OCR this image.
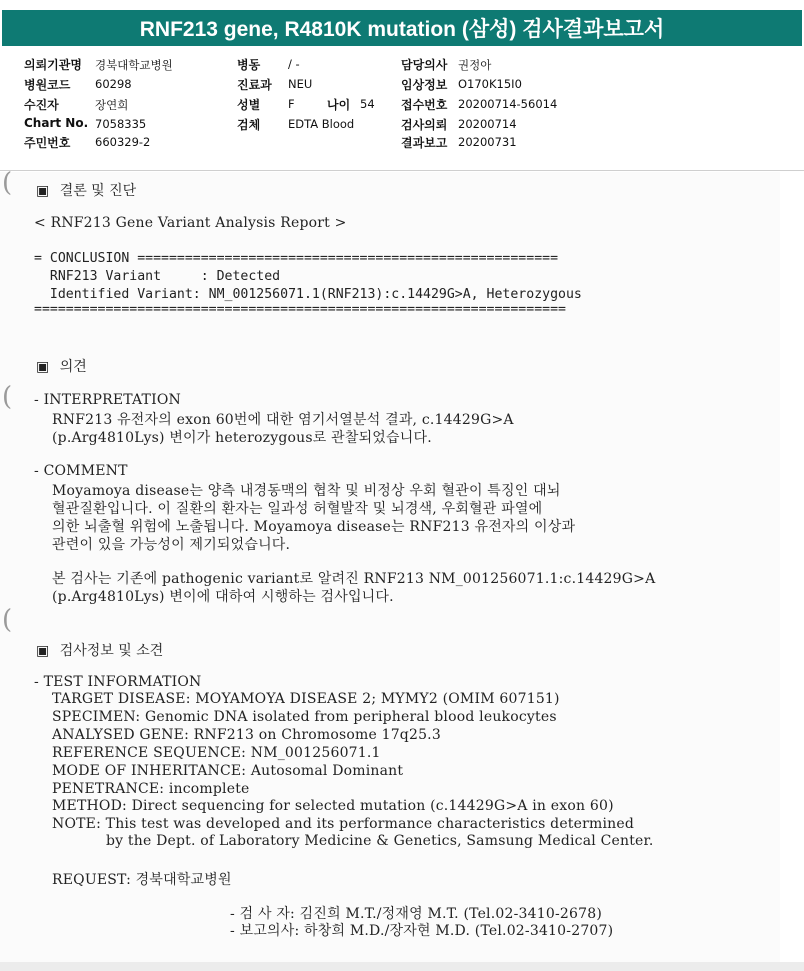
RNF213 gene, R4810K mutation (삼성) 검사결과보고서
의뢰기관명 경북대학교병원
병원코드 60298
수진자	장연희
Chart No. 7058335
주민번호 660329-2
병동 / -
진료과 NEU
성별 F	나이 54
검체 EDTA Blood
담당의사 권정아
임상정보 O170K15I0
접수번호 20200714-56014
검사의뢰 20200714
결과보고 20200731
(
(
(
▣ 결론 및 진단
< RNF213 Gene Variant Analysis Report >
= CONCLUSION =====================================================
RNF213 Variant     : Detected
Identified Variant: NM_001256071.1(RNF213):c.14429G>A, Heterozygous
===================================================================
▣ 의견
- INTERPRETATION
RNF213 유전자의 exon 60번에 대한 염기서열분석 결과, c.14429G>A
(p.Arg4810Lys) 변이가 heterozygous로 관찰되었습니다.
- COMMENT
Moyamoya disease는 양측 내경동맥의 협착 및 비정상 우회 혈관이 특징인 대뇌
혈관질환입니다. 이 질환의 환자는 일과성 허혈발작 및 뇌경색, 우회혈관 파열에
의한 뇌출혈 위험에 노출됩니다. Moyamoya disease는 RNF213 유전자의 이상과
관련이 있을 가능성이 제기되었습니다.
본 검사는 기존에 pathogenic variant로 알려진 RNF213 NM_001256071.1:c.14429G>A
(p.Arg4810Lys) 변이에 대하여 시행하는 검사입니다.
▣ 검사정보 및 소견
- TEST INFORMATION
TARGET DISEASE: MOYAMOYA DISEASE 2; MYMY2 (OMIM 607151)
SPECIMEN: Genomic DNA isolated from peripheral blood leukocytes
ANALYSED GENE: RNF213 on Chromosome 17q25.3
REFERENCE SEQUENCE: NM_001256071.1
MODE OF INHERITANCE: Autosomal Dominant
PENETRANCE: incomplete
METHOD: Direct sequencing for selected mutation (c.14429G>A in exon 60)
NOTE: This test was developed and its performance characteristics determined
by the Dept. of Laboratory Medicine & Genetics, Samsung Medical Center.
REQUEST: 경북대학교병원
- 검 사 자: 김진희 M.T./정재영 M.T. (Tel.02-3410-2678)
- 보고의사: 하창희 M.D./장자현 M.D. (Tel.02-3410-2707)
